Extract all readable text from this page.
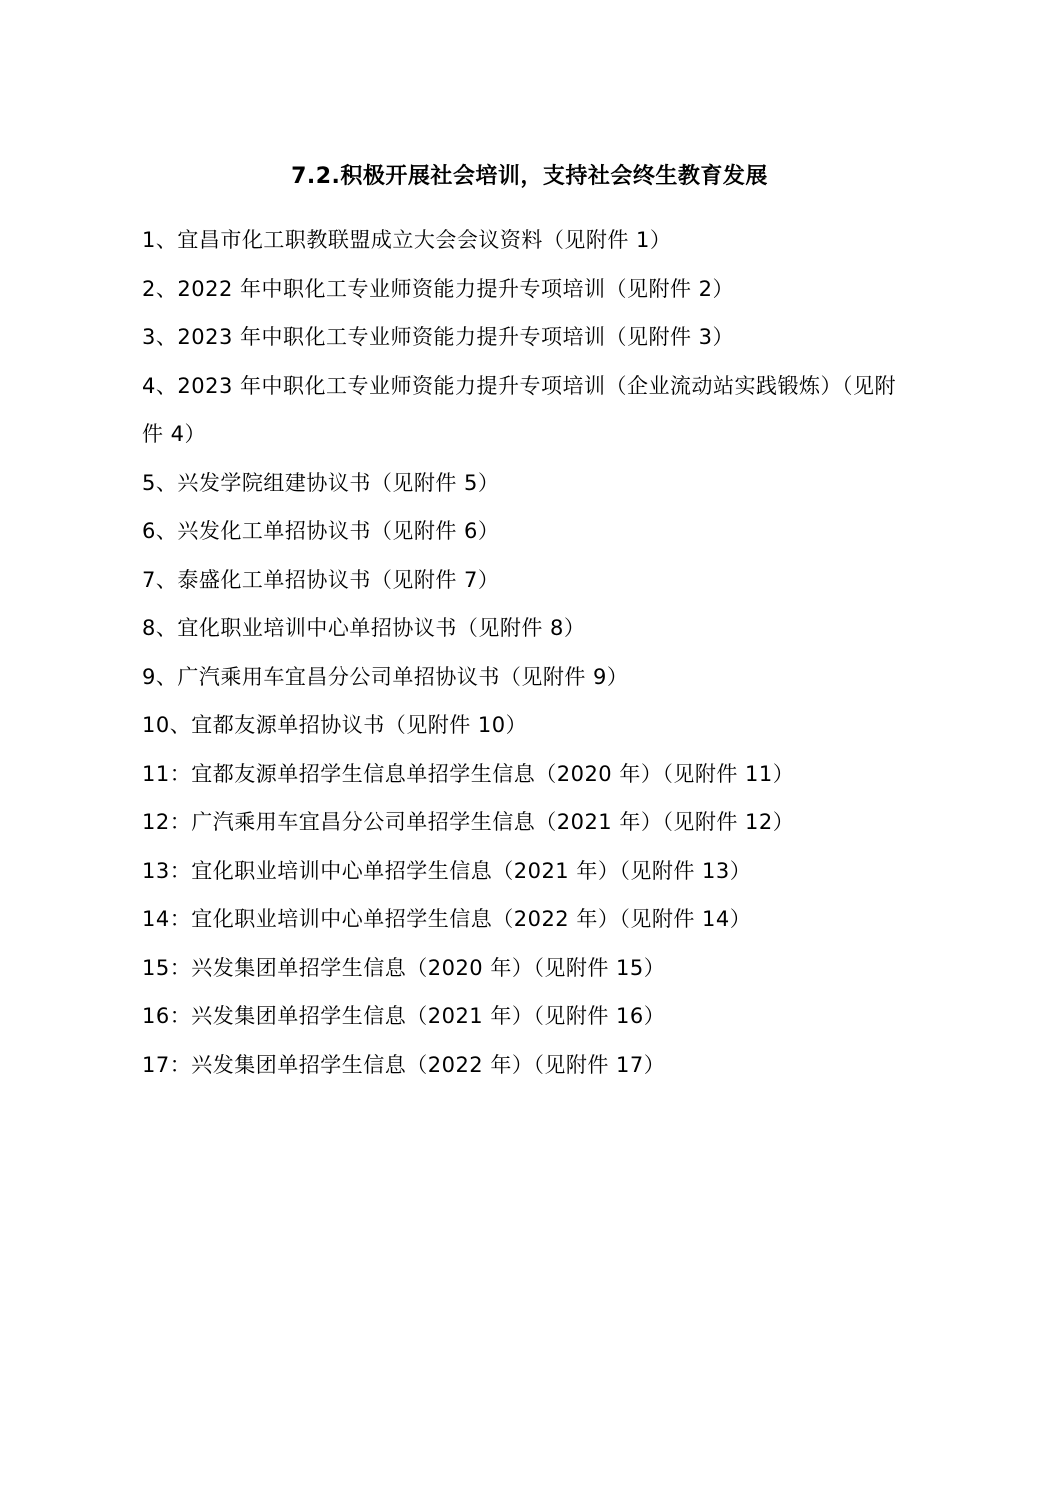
7.2.积极开展社会培训，支持社会终生教育发展
1、宜昌市化工职教联盟成立大会会议资料（见附件 1）
2、2022 年中职化工专业师资能力提升专项培训（见附件 2）
3、2023 年中职化工专业师资能力提升专项培训（见附件 3）
4、2023 年中职化工专业师资能力提升专项培训（企业流动站实践锻炼）（见附件 4）
5、兴发学院组建协议书（见附件 5）
6、兴发化工单招协议书（见附件 6）
7、泰盛化工单招协议书（见附件 7）
8、宜化职业培训中心单招协议书（见附件 8）
9、广汽乘用车宜昌分公司单招协议书（见附件 9）
10、宜都友源单招协议书（见附件 10）
11：宜都友源单招学生信息单招学生信息（2020 年）（见附件 11）
12：广汽乘用车宜昌分公司单招学生信息（2021 年）（见附件 12）
13：宜化职业培训中心单招学生信息（2021 年）（见附件 13）
14：宜化职业培训中心单招学生信息（2022 年）（见附件 14）
15：兴发集团单招学生信息（2020 年）（见附件 15）
16：兴发集团单招学生信息（2021 年）（见附件 16）
17：兴发集团单招学生信息（2022 年）（见附件 17）
